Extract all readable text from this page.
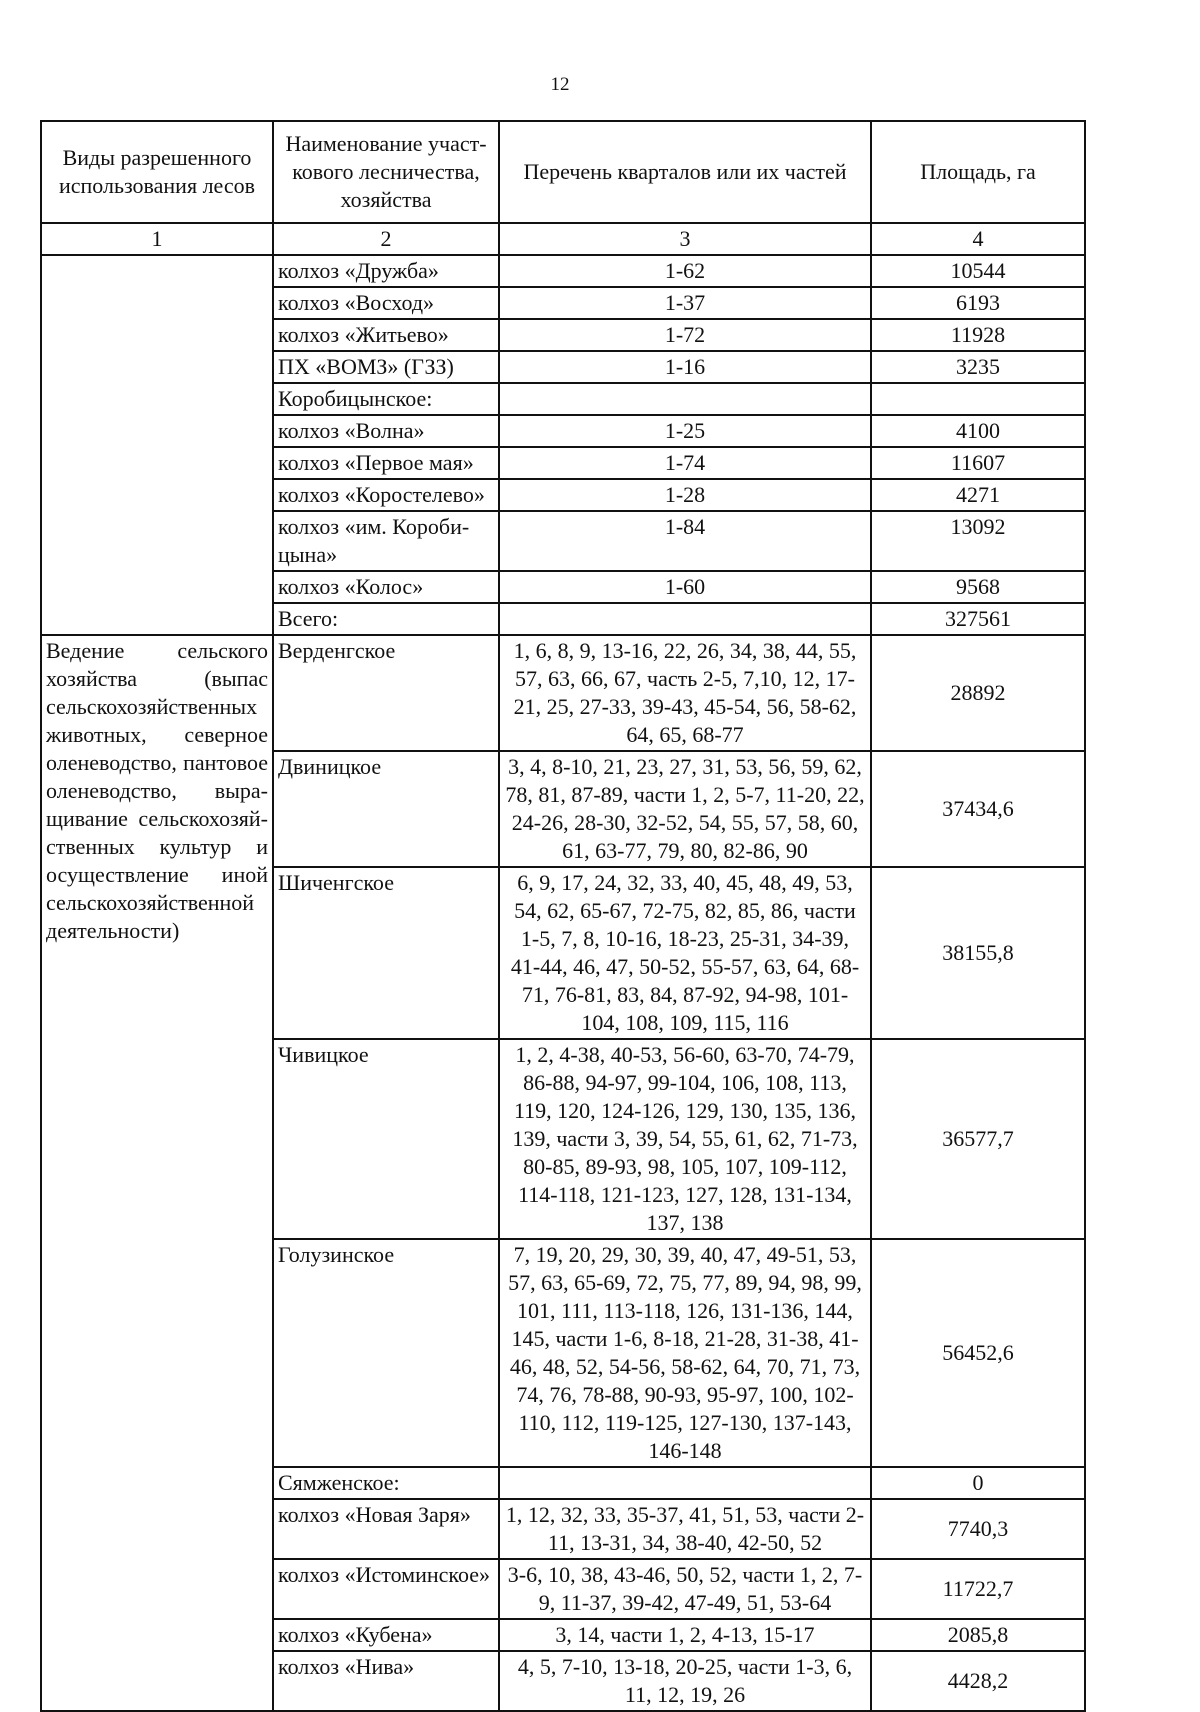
12
Виды разрешенного использования лесов	Наименование участ-кового лесничества, хозяйства	Перечень кварталов или их частей	Площадь, га
1	2	3	4
	колхоз «Дружба»	1-62	10544
	колхоз «Восход»	1-37	6193
	колхоз «Житьево»	1-72	11928
	ПХ «ВОМЗ» (ГЗЗ)	1-16	3235
	Коробицынское:		
	колхоз «Волна»	1-25	4100
	колхоз «Первое мая»	1-74	11607
	колхоз «Коростелево»	1-28	4271
	колхоз «им. Короби-цына»	1-84	13092
	колхоз «Колос»	1-60	9568
	Всего:		327561
Ведение сельского хозяйства (выпас сельскохозяйственных животных, северное оленеводство, пантовое оленеводство, выра-щивание сельскохозяй-ственных культур и осуществление иной сельскохозяйственной деятельности)	Верденгское	1, 6, 8, 9, 13-16, 22, 26, 34, 38, 44, 55, 57, 63, 66, 67, часть 2-5, 7,10, 12, 17-21, 25, 27-33, 39-43, 45-54, 56, 58-62, 64, 65, 68-77	28892
	Двиницкое	3, 4, 8-10, 21, 23, 27, 31, 53, 56, 59, 62, 78, 81, 87-89, части 1, 2, 5-7, 11-20, 22, 24-26, 28-30, 32-52, 54, 55, 57, 58, 60, 61, 63-77, 79, 80, 82-86, 90	37434,6
	Шиченгское	6, 9, 17, 24, 32, 33, 40, 45, 48, 49, 53, 54, 62, 65-67, 72-75, 82, 85, 86, части 1-5, 7, 8, 10-16, 18-23, 25-31, 34-39, 41-44, 46, 47, 50-52, 55-57, 63, 64, 68-71, 76-81, 83, 84, 87-92, 94-98, 101-104, 108, 109, 115, 116	38155,8
	Чивицкое	1, 2, 4-38, 40-53, 56-60, 63-70, 74-79, 86-88, 94-97, 99-104, 106, 108, 113, 119, 120, 124-126, 129, 130, 135, 136, 139, части 3, 39, 54, 55, 61, 62, 71-73, 80-85, 89-93, 98, 105, 107, 109-112, 114-118, 121-123, 127, 128, 131-134, 137, 138	36577,7
	Голузинское	7, 19, 20, 29, 30, 39, 40, 47, 49-51, 53, 57, 63, 65-69, 72, 75, 77, 89, 94, 98, 99, 101, 111, 113-118, 126, 131-136, 144, 145, части 1-6, 8-18, 21-28, 31-38, 41-46, 48, 52, 54-56, 58-62, 64, 70, 71, 73, 74, 76, 78-88, 90-93, 95-97, 100, 102-110, 112, 119-125, 127-130, 137-143, 146-148	56452,6
	Сямженское:		0
	колхоз «Новая Заря»	1, 12, 32, 33, 35-37, 41, 51, 53, части 2-11, 13-31, 34, 38-40, 42-50, 52	7740,3
	колхоз «Истоминское»	3-6, 10, 38, 43-46, 50, 52, части 1, 2, 7-9, 11-37, 39-42, 47-49, 51, 53-64	11722,7
	колхоз «Кубена»	3, 14, части 1, 2, 4-13, 15-17	2085,8
	колхоз «Нива»	4, 5, 7-10, 13-18, 20-25, части 1-3, 6, 11, 12, 19, 26	4428,2
